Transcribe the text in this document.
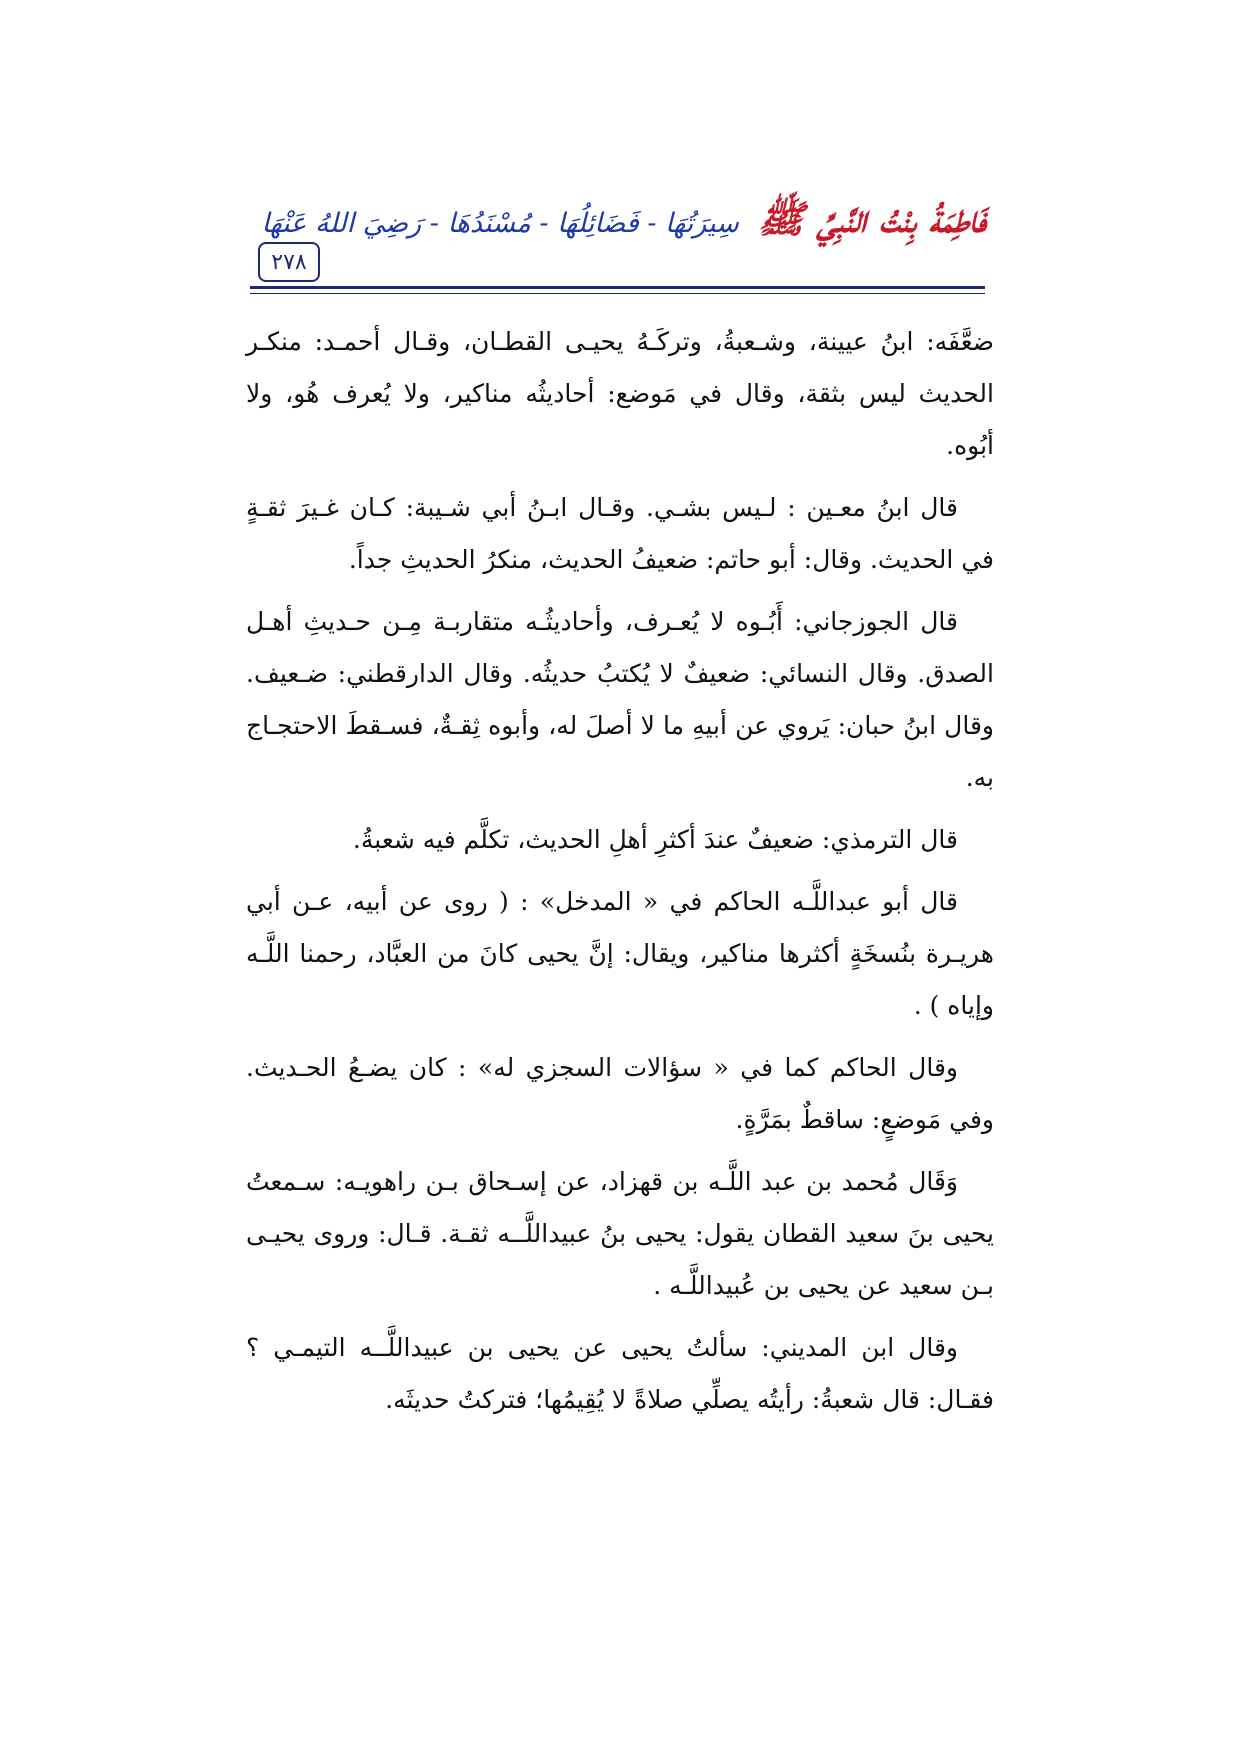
٢٧٨
فَاطِمَةُ بِنْتُ النَّبِيِّ ﷺ سِيرَتُهَا - فَضَائِلُهَا - مُسْنَدُهَا - رَضِيَ اللهُ عَنْهَا

ضعَّفَه: ابنُ عيينة، وشـعبةُ، وتركَـهُ يحيـى القطـان، وقـال أحمـد: منكـر الحديث ليس بثقة، وقال في مَوضع: أحاديثُه مناكير، ولا يُعرف هُو، ولا أبُوه.

قال ابنُ معـين : لـيس بشـي. وقـال ابـنُ أبي شـيبة: كـان غـيرَ ثقـةٍ في الحديث. وقال: أبو حاتم: ضعيفُ الحديث، منكرُ الحديثِ جداً.

قال الجوزجاني: أَبُـوه لا يُعـرف، وأحاديثُـه متقاربـة مِـن حـديثِ أهـل الصدق. وقال النسائي: ضعيفٌ لا يُكتبُ حديثُه. وقال الدارقطني: ضـعيف. وقال ابنُ حبان: يَروي عن أبيهِ ما لا أصلَ له، وأبوه ثِقـةٌ، فسـقطَ الاحتجـاج به.

قال الترمذي: ضعيفٌ عندَ أكثرِ أهلِ الحديث، تكلَّم فيه شعبةُ.

قال أبو عبداللَّـه الحاكم في « المدخل» : ( روى عن أبيه، عـن أبي هريـرة بنُسخَةٍ أكثرها مناكير، ويقال: إنَّ يحيى كانَ من العبَّاد، رحمنا اللَّـه وإياه ) .

وقال الحاكم كما في « سؤالات السجزي له» : كان يضـعُ الحـديث. وفي مَوضعٍ: ساقطٌ بمَرَّةٍ.

وَقَال مُحمد بن عبد اللَّـه بن قهزاد، عن إسـحاق بـن راهويـه: سـمعتُ يحيى بنَ سعيد القطان يقول: يحيى بنُ عبيداللَّــه ثقـة. قـال: وروى يحيـى بـن سعيد عن يحيى بن عُبيداللَّـه .

وقال ابن المديني: سألتُ يحيى عن يحيى بن عبيداللَّــه التيمـي ؟ فقـال: قال شعبةُ: رأيتُه يصلِّي صلاةً لا يُقِيمُها؛ فتركتُ حديثَه.
